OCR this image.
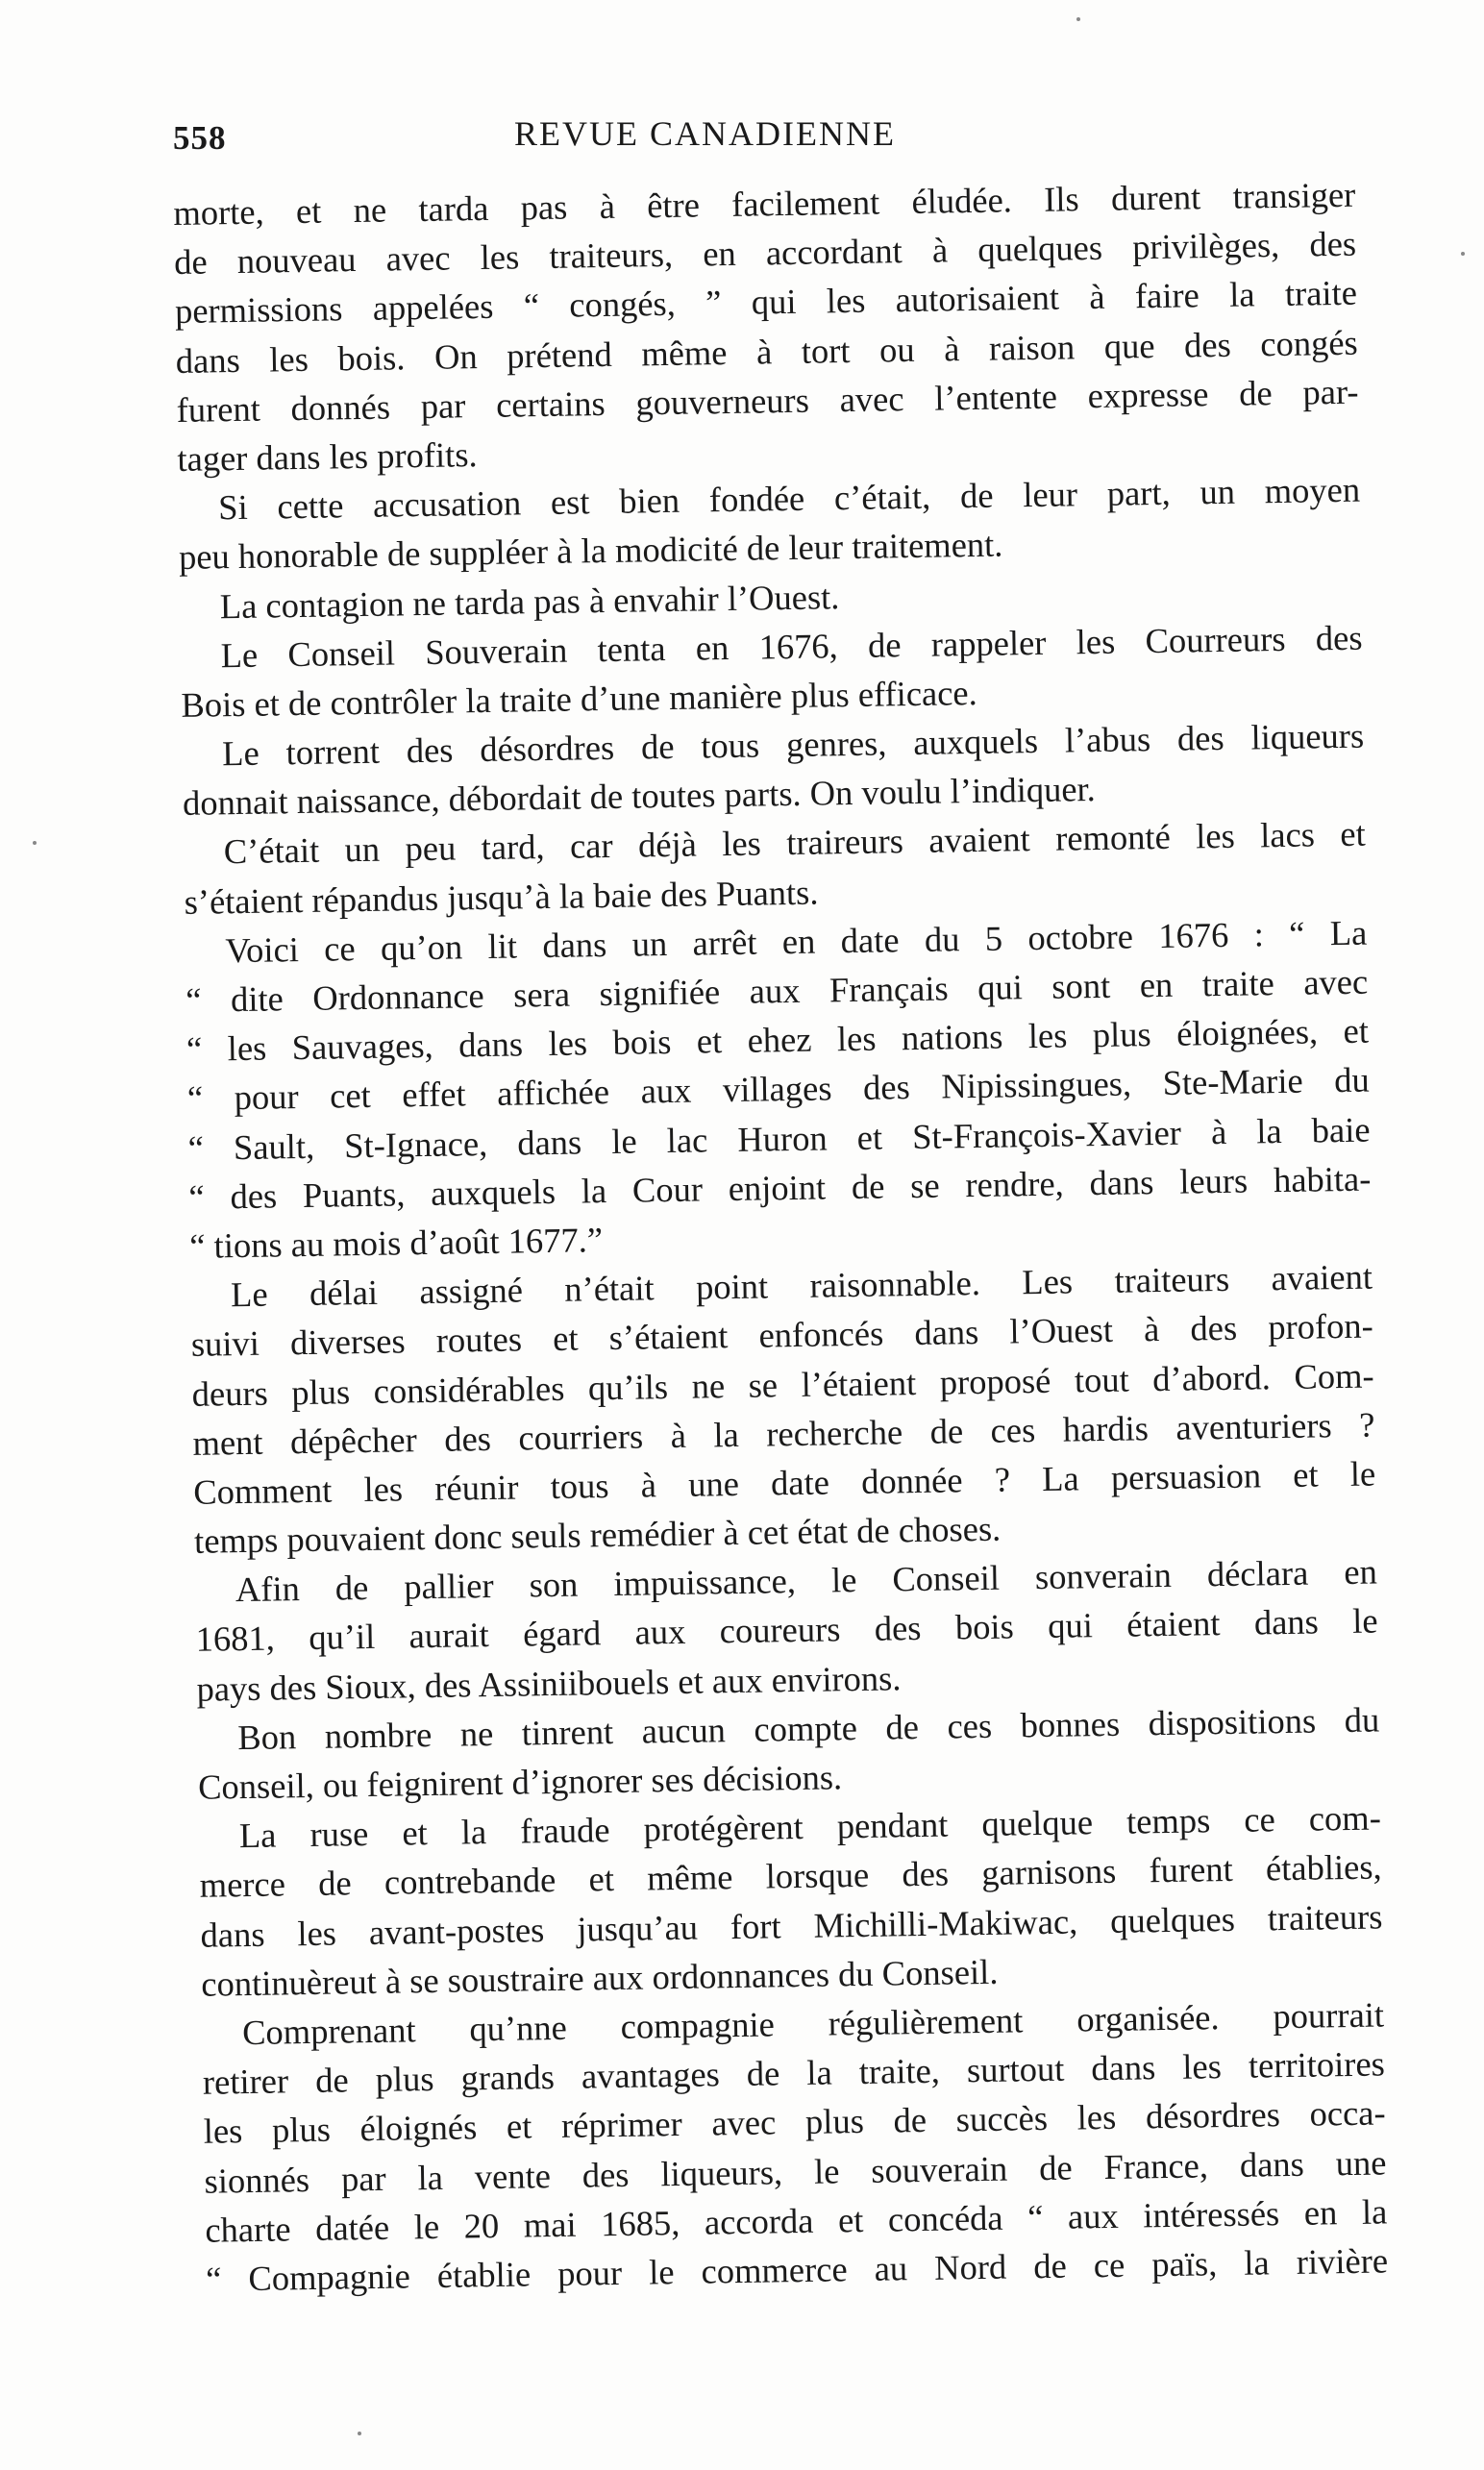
558	REVUE CANADIENNE
morte, et ne tarda pas à être facilement éludée. Ils durent transiger
de nouveau avec les traiteurs, en accordant à quelques privilèges, des
permissions appelées “ congés, ” qui les autorisaient à faire la traite
dans les bois. On prétend même à tort ou à raison que des congés
furent donnés par certains gouverneurs avec l’entente expresse de par-
tager dans les profits.
Si cette accusation est bien fondée c’était, de leur part, un moyen
peu honorable de suppléer à la modicité de leur traitement.
La contagion ne tarda pas à envahir l’Ouest.
Le Conseil Souverain tenta en 1676, de rappeler les Courreurs des
Bois et de contrôler la traite d’une manière plus efficace.
Le torrent des désordres de tous genres, auxquels l’abus des liqueurs
donnait naissance, débordait de toutes parts. On voulu l’indiquer.
C’était un peu tard, car déjà les traireurs avaient remonté les lacs et
s’étaient répandus jusqu’à la baie des Puants.
Voici ce qu’on lit dans un arrêt en date du 5 octobre 1676 : “ La
“ dite Ordonnance sera signifiée aux Français qui sont en traite avec
“ les Sauvages, dans les bois et ehez les nations les plus éloignées, et
“ pour cet effet affichée aux villages des Nipissingues, Ste-Marie du
“ Sault, St-Ignace, dans le lac Huron et St-François-Xavier à la baie
“ des Puants, auxquels la Cour enjoint de se rendre, dans leurs habita-
“ tions au mois d’août 1677.”
Le délai assigné n’était point raisonnable. Les traiteurs avaient
suivi diverses routes et s’étaient enfoncés dans l’Ouest à des profon-
deurs plus considérables qu’ils ne se l’étaient proposé tout d’abord. Com-
ment dépêcher des courriers à la recherche de ces hardis aventuriers ?
Comment les réunir tous à une date donnée ? La persuasion et le
temps pouvaient donc seuls remédier à cet état de choses.
Afin de pallier son impuissance, le Conseil sonverain déclara en
1681, qu’il aurait égard aux coureurs des bois qui étaient dans le
pays des Sioux, des Assiniibouels et aux environs.
Bon nombre ne tinrent aucun compte de ces bonnes dispositions du
Conseil, ou feignirent d’ignorer ses décisions.
La ruse et la fraude protégèrent pendant quelque temps ce com-
merce de contrebande et même lorsque des garnisons furent établies,
dans les avant-postes jusqu’au fort Michilli-Makiwac, quelques traiteurs
continuèreut à se soustraire aux ordonnances du Conseil.
Comprenant qu’nne compagnie régulièrement organisée. pourrait
retirer de plus grands avantages de la traite, surtout dans les territoires
les plus éloignés et réprimer avec plus de succès les désordres occa-
sionnés par la vente des liqueurs, le souverain de France, dans une
charte datée le 20 mai 1685, accorda et concéda “ aux intéressés en la
“ Compagnie établie pour le commerce au Nord de ce païs, la rivière
